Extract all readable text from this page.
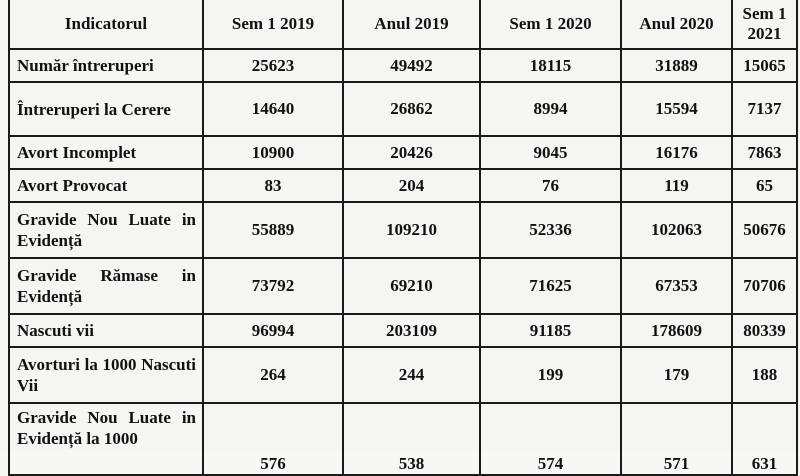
Indicatorul	Sem 1 2019	Anul 2019	Sem 1 2020	Anul 2020	Sem 1 2021
Număr întreruperi	25623	49492	18115	31889	15065
Întreruperi la Cerere	14640	26862	8994	15594	7137
Avort Incomplet	10900	20426	9045	16176	7863
Avort Provocat	83	204	76	119	65
Gravide Nou Luate in Evidență	55889	109210	52336	102063	50676
Gravide Rămase in Evidență	73792	69210	71625	67353	70706
Nascuti vii	96994	203109	91185	178609	80339
Avorturi la 1000 Nascuti Vii	264	244	199	179	188
Gravide Nou Luate in Evidență la 1000	576	538	574	571	631
